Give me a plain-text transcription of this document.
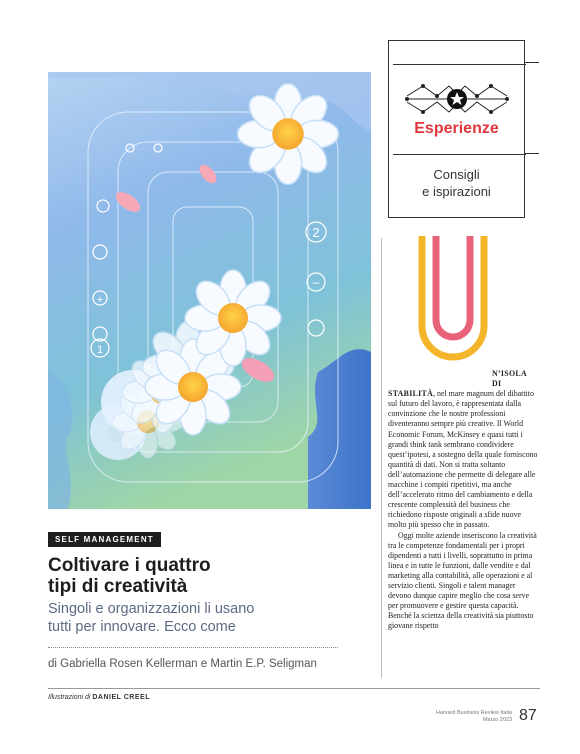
+
1
2
–
Esperienze
Consigli
e ispirazioni
SELF MANAGEMENT
Coltivare i quattro
tipi di creatività
Singoli e organizzazioni li usano
tutti per innovare. Ecco come
di Gabriella Rosen Kellerman e Martin E.P. Seligman
Illustrazioni di DANIEL CREEL

N’ISOLA DI

STABILITÀ, nel mare magnum del dibattito sul futuro del lavoro, è rappresentata dalla convinzione che le nostre professioni diventeranno sempre più creative. Il World Economic Forum, McKinsey e quasi tutti i grandi think tank sembrano condividere quest’ipotesi, a sostegno della quale forniscono quantità di dati. Non si tratta soltanto dell’automazione che permette di delegare alle macchine i compiti ripetitivi, ma anche dell’accelerato ritmo del cambiamento e della crescente complessità del business che richiedono risposte originali a sfide nuove molto più spesso che in passato.

Oggi molte aziende inseriscono la creatività tra le competenze fondamentali per i propri dipendenti a tutti i livelli, soprattutto in prima linea e in tutte le funzioni, dalle vendite e dal marketing alla contabilità, alle operazioni e al servizio clienti. Singoli e talent manager devono dunque capire meglio che cosa serve per promuovere e gestire questa capacità. Benché la scienza della creatività sia piuttosto giovane rispetto

Harvard Business Review Italia
Marzo 2023 87
